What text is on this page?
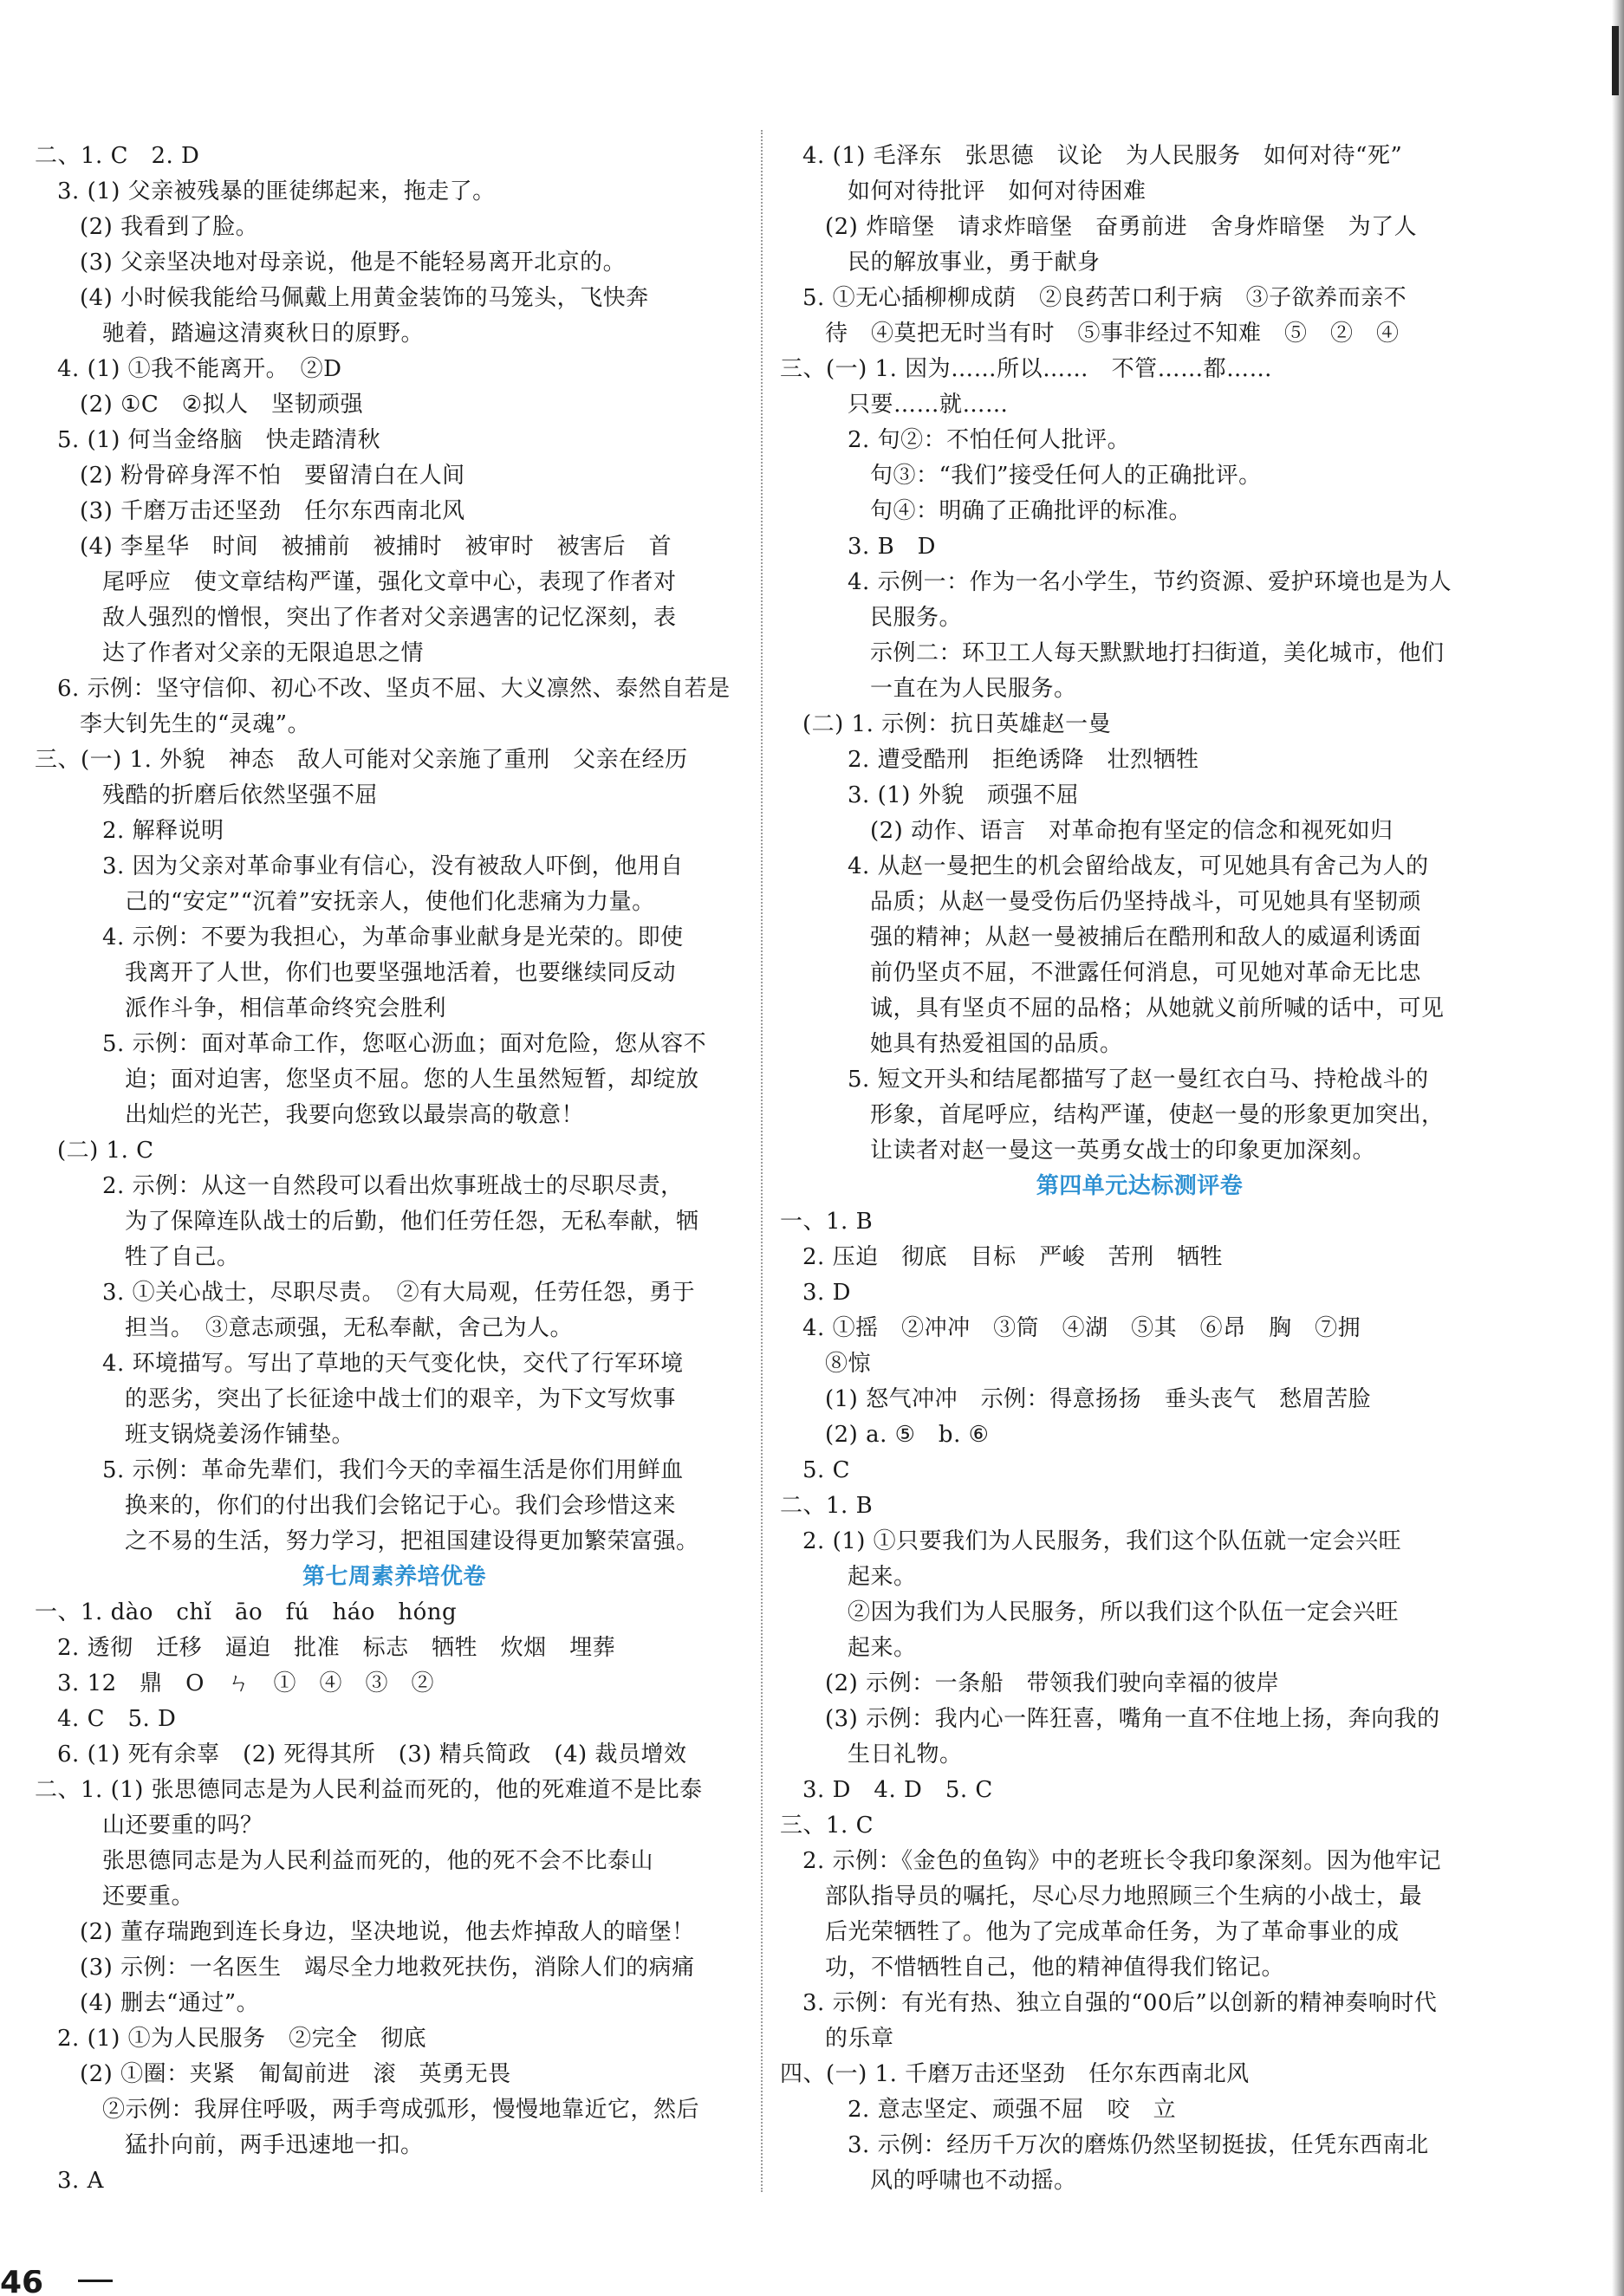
二、1. C　2. D
3. (1) 父亲被残暴的匪徒绑起来，拖走了。
(2) 我看到了脸。
(3) 父亲坚决地对母亲说，他是不能轻易离开北京的。
(4) 小时候我能给马佩戴上用黄金装饰的马笼头，飞快奔
驰着，踏遍这清爽秋日的原野。
4. (1) ①我不能离开。　②D
(2) ①C　②拟人　坚韧顽强
5. (1) 何当金络脑　快走踏清秋
(2) 粉骨碎身浑不怕　要留清白在人间
(3) 千磨万击还坚劲　任尔东西南北风
(4) 李星华　时间　被捕前　被捕时　被审时　被害后　首
尾呼应　使文章结构严谨，强化文章中心，表现了作者对
敌人强烈的憎恨，突出了作者对父亲遇害的记忆深刻，表
达了作者对父亲的无限追思之情
6. 示例：坚守信仰、初心不改、坚贞不屈、大义凛然、泰然自若是
李大钊先生的“灵魂”。
三、(一) 1. 外貌　神态　敌人可能对父亲施了重刑　父亲在经历
残酷的折磨后依然坚强不屈
2. 解释说明
3. 因为父亲对革命事业有信心，没有被敌人吓倒，他用自
己的“安定”“沉着”安抚亲人，使他们化悲痛为力量。
4. 示例：不要为我担心，为革命事业献身是光荣的。即使
我离开了人世，你们也要坚强地活着，也要继续同反动
派作斗争，相信革命终究会胜利
5. 示例：面对革命工作，您呕心沥血；面对危险，您从容不
迫；面对迫害，您坚贞不屈。您的人生虽然短暂，却绽放
出灿烂的光芒，我要向您致以最崇高的敬意！
(二) 1. C
2. 示例：从这一自然段可以看出炊事班战士的尽职尽责，
为了保障连队战士的后勤，他们任劳任怨，无私奉献，牺
牲了自己。
3. ①关心战士，尽职尽责。　②有大局观，任劳任怨，勇于
担当。　③意志顽强，无私奉献，舍己为人。
4. 环境描写。写出了草地的天气变化快，交代了行军环境
的恶劣，突出了长征途中战士们的艰辛，为下文写炊事
班支锅烧姜汤作铺垫。
5. 示例：革命先辈们，我们今天的幸福生活是你们用鲜血
换来的，你们的付出我们会铭记于心。我们会珍惜这来
之不易的生活，努力学习，把祖国建设得更加繁荣富强。
第七周素养培优卷
一、1. dào　chǐ　āo　fú　háo　hóng
2. 透彻　迁移　逼迫　批准　标志　牺牲　炊烟　埋葬
3. 12　鼎　O　ㄣ　①　④　③　②
4. C　5. D
6. (1) 死有余辜　(2) 死得其所　(3) 精兵简政　(4) 裁员增效
二、1. (1) 张思德同志是为人民利益而死的，他的死难道不是比泰
山还要重的吗？
张思德同志是为人民利益而死的，他的死不会不比泰山
还要重。
(2) 董存瑞跑到连长身边，坚决地说，他去炸掉敌人的暗堡！
(3) 示例：一名医生　竭尽全力地救死扶伤，消除人们的病痛
(4) 删去“通过”。
2. (1) ①为人民服务　②完全　彻底
(2) ①圈：夹紧　匍匐前进　滚　英勇无畏
②示例：我屏住呼吸，两手弯成弧形，慢慢地靠近它，然后
猛扑向前，两手迅速地一扣。
3. A
4. (1) 毛泽东　张思德　议论　为人民服务　如何对待“死”
如何对待批评　如何对待困难
(2) 炸暗堡　请求炸暗堡　奋勇前进　舍身炸暗堡　为了人
民的解放事业，勇于献身
5. ①无心插柳柳成荫　②良药苦口利于病　③子欲养而亲不
待　④莫把无时当有时　⑤事非经过不知难　⑤　②　④
三、(一) 1. 因为……所以……　不管……都……
只要……就……
2. 句②：不怕任何人批评。
句③：“我们”接受任何人的正确批评。
句④：明确了正确批评的标准。
3. B　D
4. 示例一：作为一名小学生，节约资源、爱护环境也是为人
民服务。
示例二：环卫工人每天默默地打扫街道，美化城市，他们
一直在为人民服务。
(二) 1. 示例：抗日英雄赵一曼
2. 遭受酷刑　拒绝诱降　壮烈牺牲
3. (1) 外貌　顽强不屈
(2) 动作、语言　对革命抱有坚定的信念和视死如归
4. 从赵一曼把生的机会留给战友，可见她具有舍己为人的
品质；从赵一曼受伤后仍坚持战斗，可见她具有坚韧顽
强的精神；从赵一曼被捕后在酷刑和敌人的威逼利诱面
前仍坚贞不屈，不泄露任何消息，可见她对革命无比忠
诚，具有坚贞不屈的品格；从她就义前所喊的话中，可见
她具有热爱祖国的品质。
5. 短文开头和结尾都描写了赵一曼红衣白马、持枪战斗的
形象，首尾呼应，结构严谨，使赵一曼的形象更加突出，
让读者对赵一曼这一英勇女战士的印象更加深刻。
第四单元达标测评卷
一、1. B
2. 压迫　彻底　目标　严峻　苦刑　牺牲
3. D
4. ①摇　②冲冲　③筒　④湖　⑤其　⑥昂　胸　⑦拥
⑧惊
(1) 怒气冲冲　示例：得意扬扬　垂头丧气　愁眉苦脸
(2) a. ⑤　b. ⑥
5. C
二、1. B
2. (1) ①只要我们为人民服务，我们这个队伍就一定会兴旺
起来。
②因为我们为人民服务，所以我们这个队伍一定会兴旺
起来。
(2) 示例：一条船　带领我们驶向幸福的彼岸
(3) 示例：我内心一阵狂喜，嘴角一直不住地上扬，奔向我的
生日礼物。
3. D　4. D　5. C
三、1. C
2. 示例：《金色的鱼钩》中的老班长令我印象深刻。因为他牢记
部队指导员的嘱托，尽心尽力地照顾三个生病的小战士，最
后光荣牺牲了。他为了完成革命任务，为了革命事业的成
功，不惜牺牲自己，他的精神值得我们铭记。
3. 示例：有光有热、独立自强的“00后”以创新的精神奏响时代
的乐章
四、(一) 1. 千磨万击还坚劲　任尔东西南北风
2. 意志坚定、顽强不屈　咬　立
3. 示例：经历千万次的磨炼仍然坚韧挺拔，任凭东西南北
风的呼啸也不动摇。
46
